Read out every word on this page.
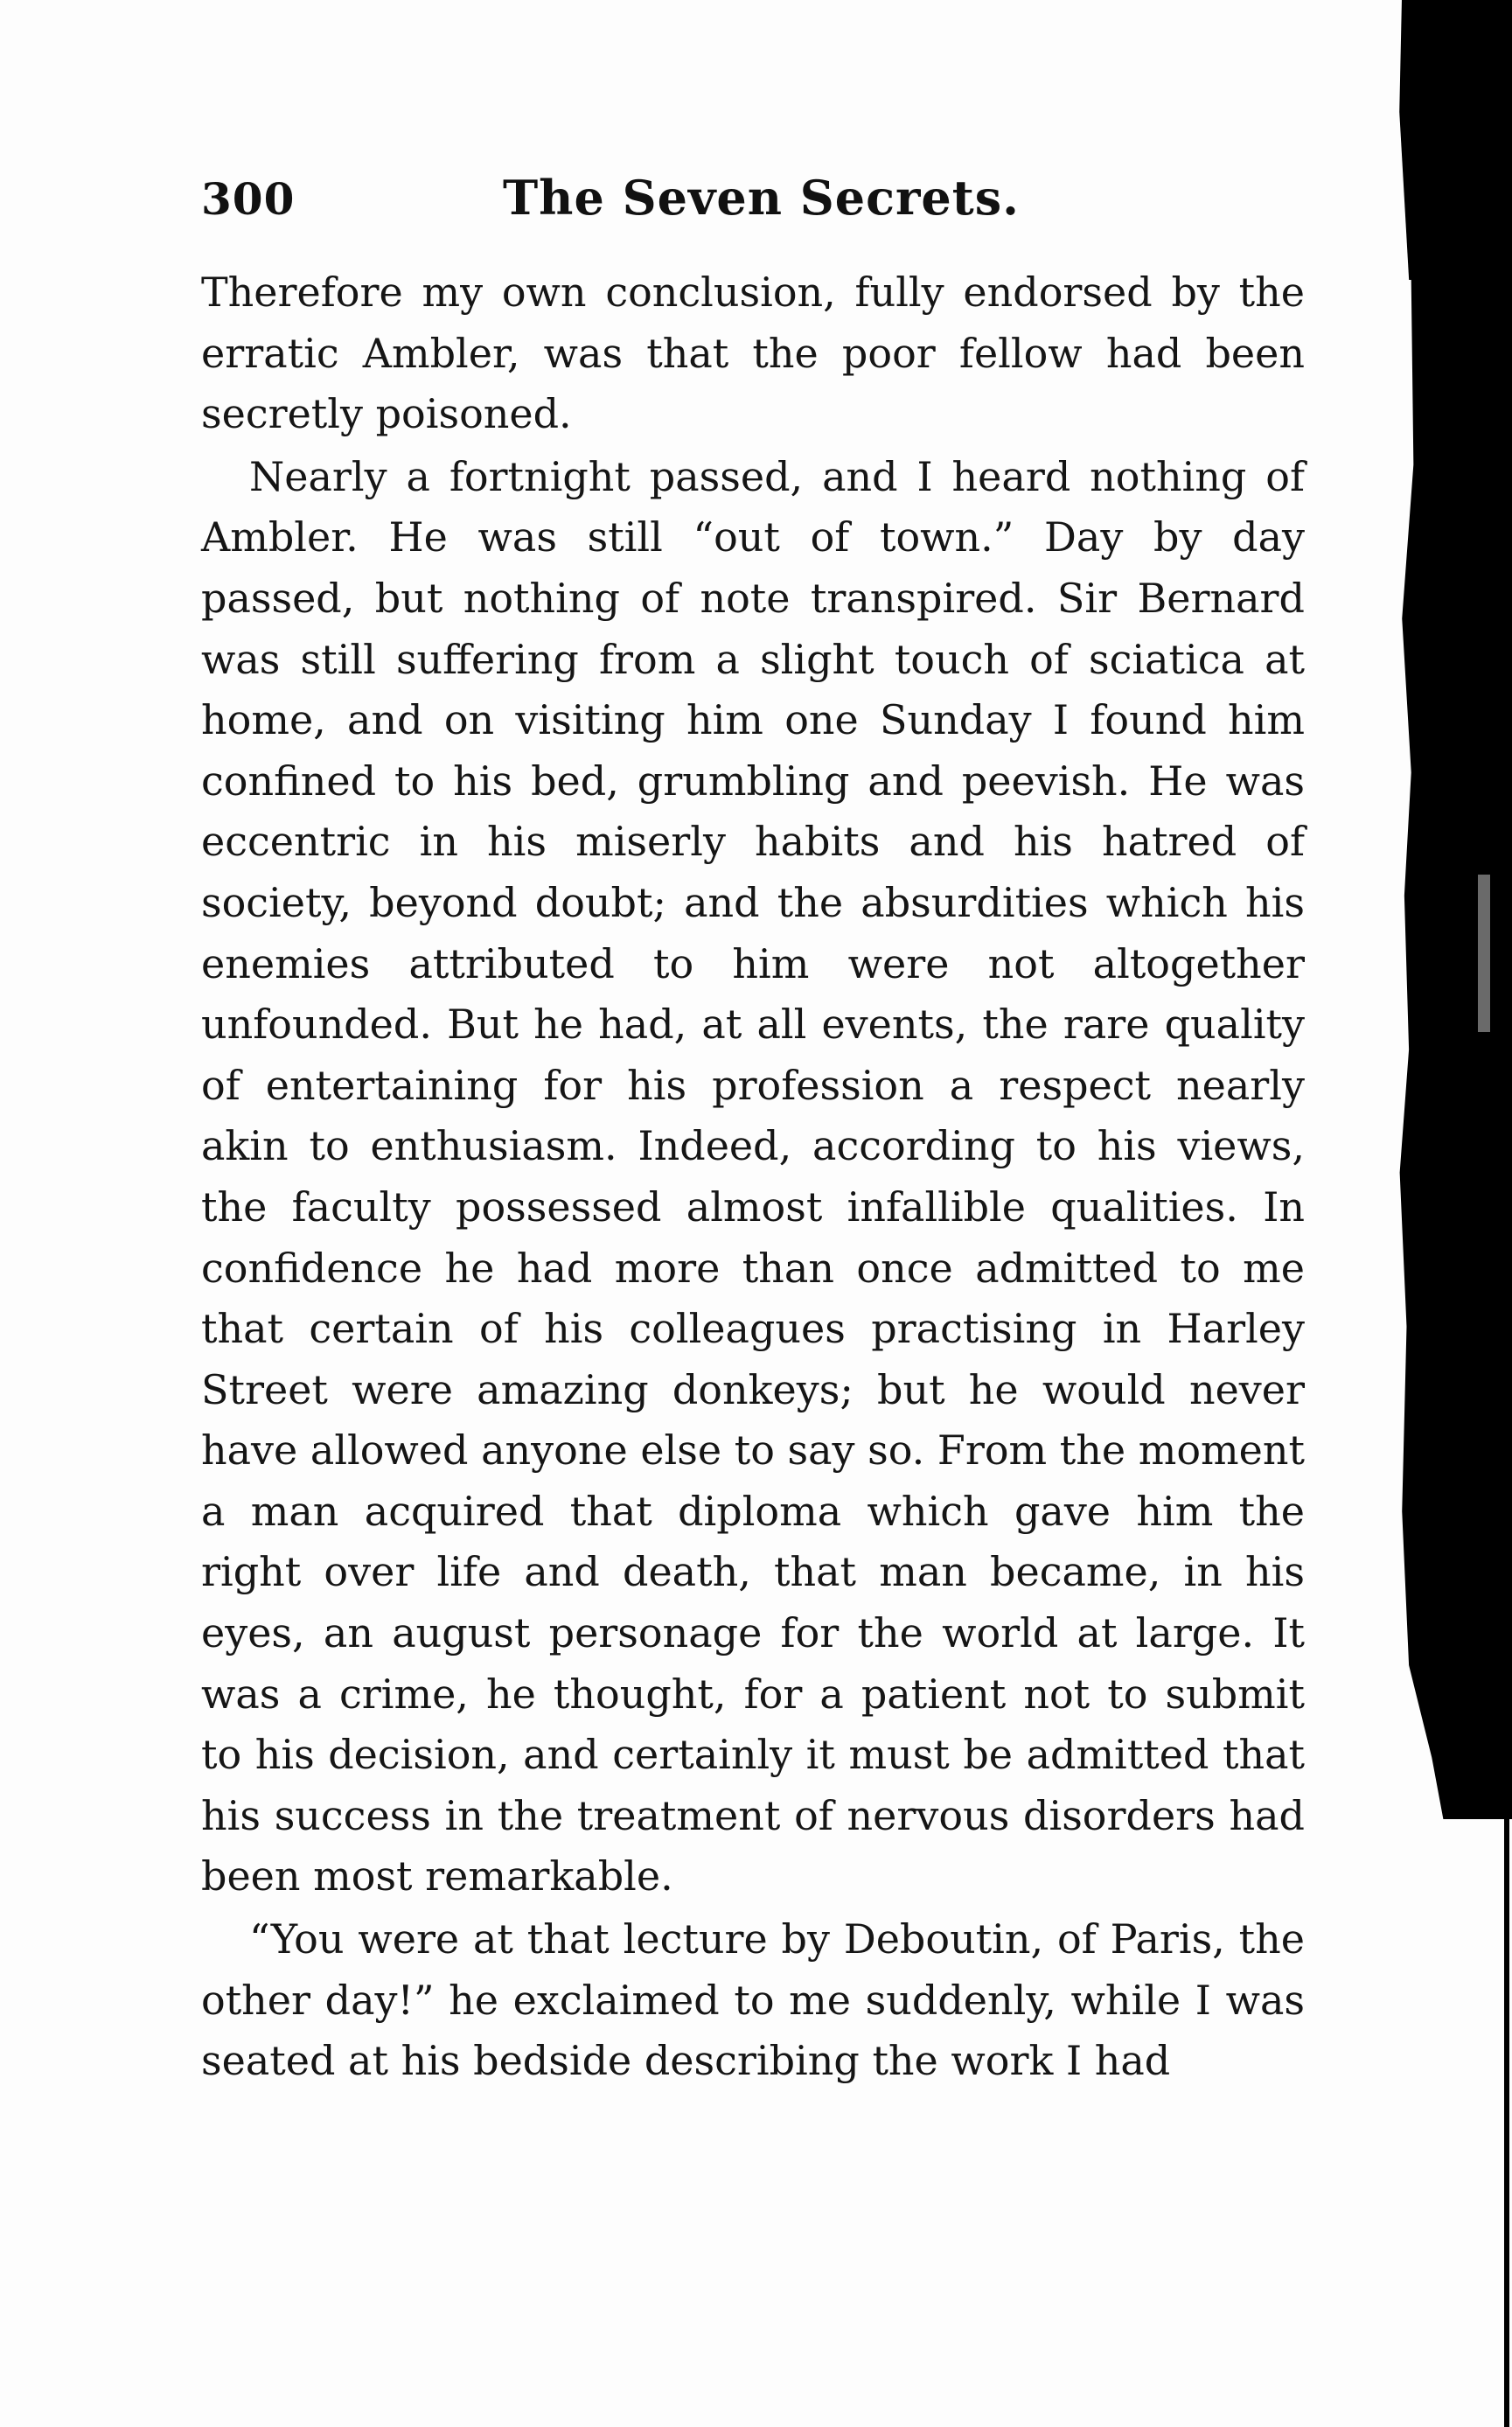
300	The Seven Secrets.

Therefore my own conclusion, fully endorsed by the erratic Ambler, was that the poor fellow had been secretly poisoned.

Nearly a fortnight passed, and I heard nothing of Ambler. He was still “out of town.” Day by day passed, but nothing of note transpired. Sir Bernard was still suffering from a slight touch of sciatica at home, and on visiting him one Sunday I found him confined to his bed, grumbling and peevish. He was eccentric in his miserly habits and his hatred of society, beyond doubt; and the absurdities which his enemies attributed to him were not altogether unfounded. But he had, at all events, the rare quality of entertaining for his profession a respect nearly akin to enthusiasm. Indeed, according to his views, the faculty possessed almost infallible qualities. In confidence he had more than once admitted to me that certain of his colleagues practising in Harley Street were amazing donkeys; but he would never have allowed anyone else to say so. From the moment a man acquired that diploma which gave him the right over life and death, that man became, in his eyes, an august personage for the world at large. It was a crime, he thought, for a patient not to submit to his decision, and certainly it must be admitted that his success in the treatment of nervous disorders had been most remarkable.

“You were at that lecture by Deboutin, of Paris, the other day!” he exclaimed to me suddenly, while I was seated at his bedside describing the work I had
